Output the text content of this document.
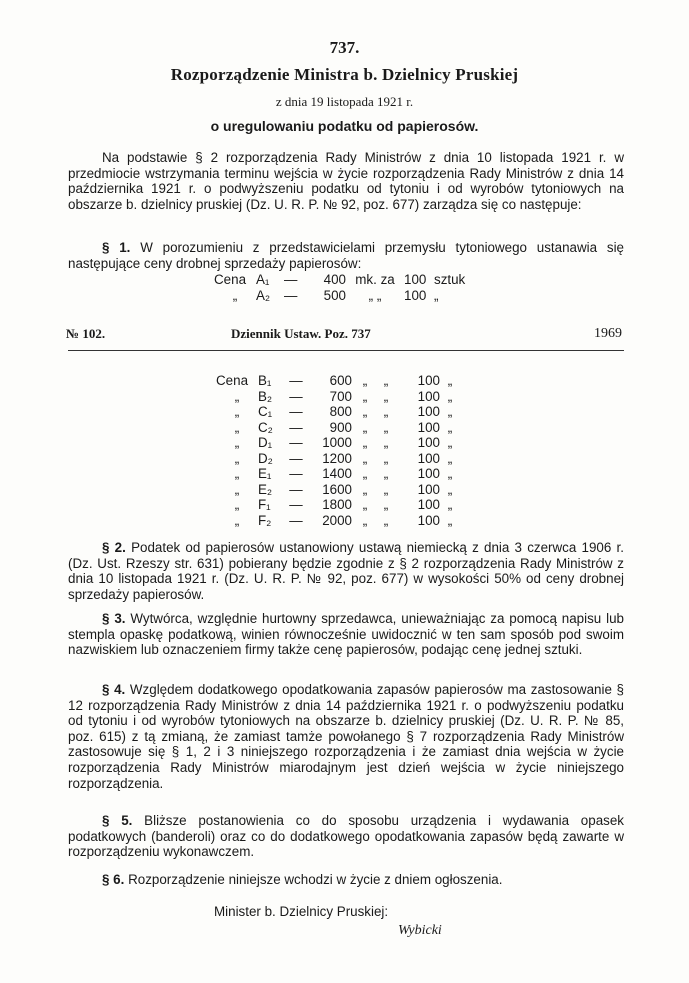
737.
Rozporządzenie Ministra b. Dzielnicy Pruskiej
z dnia 19 listopada 1921 r.
o uregulowaniu podatku od papierosów.
Na podstawie § 2 rozporządzenia Rady Ministrów z dnia 10 listopada 1921 r. w przedmiocie wstrzymania terminu wejścia w życie rozporządzenia Rady Ministrów z dnia 14 października 1921 r. o podwyższeniu podatku od tytoniu i od wyrobów tytoniowych na obszarze b. dzielnicy pruskiej (Dz. U. R. P. № 92, poz. 677) zarządza się co następuje:
§ 1. W porozumieniu z przedstawicielami przemysłu tytoniowego ustanawia się następujące ceny drobnej sprzedaży papierosów:
Cena A₁	—	400 mk. za 100 sztuk
„	A₂	—	500	„ „	100 „
№ 102.	Dziennik Ustaw. Poz. 737	1969
Cena B₁	—	600 „	„	100 „
„	B₂	—	700 „	„	100 „
„	C₁	—	800 „	„	100 „
„	C₂	—	900 „	„	100 „
„	D₁	—	1000 „	„	100 „
„	D₂	—	1200 „	„	100 „
„	E₁	—	1400 „	„	100 „
„	E₂	—	1600 „	„	100 „
„	F₁	—	1800 „	„	100 „
„	F₂	—	2000 „	„	100 „
§ 2. Podatek od papierosów ustanowiony ustawą niemiecką z dnia 3 czerwca 1906 r. (Dz. Ust. Rzeszy str. 631) pobierany będzie zgodnie z § 2 rozporządzenia Rady Ministrów z dnia 10 listopada 1921 r. (Dz. U. R. P. № 92, poz. 677) w wysokości 50% od ceny drobnej sprzedaży papierosów.
§ 3. Wytwórca, względnie hurtowny sprzedawca, unieważniając za pomocą napisu lub stempla opaskę podatkową, winien równocześnie uwidocznić w ten sam sposób pod swoim nazwiskiem lub oznaczeniem firmy także cenę papierosów, podając cenę jednej sztuki.
§ 4. Względem dodatkowego opodatkowania zapasów papierosów ma zastosowanie § 12 rozporządzenia Rady Ministrów z dnia 14 października 1921 r. o podwyższeniu podatku od tytoniu i od wyrobów tytoniowych na obszarze b. dzielnicy pruskiej (Dz. U. R. P. № 85, poz. 615) z tą zmianą, że zamiast tamże powołanego § 7 rozporządzenia Rady Ministrów zastosowuje się § 1, 2 i 3 niniejszego rozporządzenia i że zamiast dnia wejścia w życie rozporządzenia Rady Ministrów miarodajnym jest dzień wejścia w życie niniejszego rozporządzenia.
§ 5. Bliższe postanowienia co do sposobu urządzenia i wydawania opasek podatkowych (banderoli) oraz co do dodatkowego opodatkowania zapasów będą zawarte w rozporządzeniu wykonawczem.
§ 6. Rozporządzenie niniejsze wchodzi w życie z dniem ogłoszenia.
Minister b. Dzielnicy Pruskiej:
Wybicki
